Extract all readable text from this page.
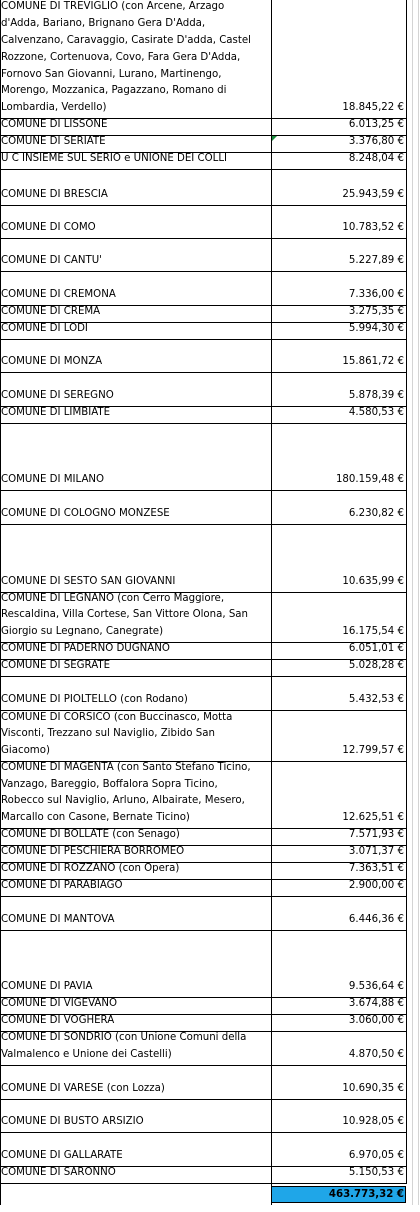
COMUNE DI TREVIGLIO (con Arcene, Arzago
d'Adda, Bariano, Brignano Gera D'Adda,
Calvenzano, Caravaggio, Casirate D'adda, Castel
Rozzone, Cortenuova, Covo, Fara Gera D'Adda,
Fornovo San Giovanni, Lurano, Martinengo,
Morengo, Mozzanica, Pagazzano, Romano di
Lombardia, Verdello)	18.845,22 €
COMUNE DI LISSONE	6.013,25 €
COMUNE DI SERIATE	3.376,80 €
U C INSIEME SUL SERIO e UNIONE DEI COLLI	8.248,04 €
COMUNE DI BRESCIA	25.943,59 €
COMUNE DI COMO	10.783,52 €
COMUNE DI CANTU'	5.227,89 €
COMUNE DI CREMONA	7.336,00 €
COMUNE DI CREMA	3.275,35 €
COMUNE DI LODI	5.994,30 €
COMUNE DI MONZA	15.861,72 €
COMUNE DI SEREGNO	5.878,39 €
COMUNE DI LIMBIATE	4.580,53 €
COMUNE DI MILANO	180.159,48 €
COMUNE DI COLOGNO MONZESE	6.230,82 €
COMUNE DI SESTO SAN GIOVANNI	10.635,99 €
COMUNE DI LEGNANO (con Cerro Maggiore,
Rescaldina, Villa Cortese, San Vittore Olona, San
Giorgio su Legnano, Canegrate)	16.175,54 €
COMUNE DI PADERNO DUGNANO	6.051,01 €
COMUNE DI SEGRATE	5.028,28 €
COMUNE DI PIOLTELLO (con Rodano)	5.432,53 €
COMUNE DI CORSICO (con Buccinasco, Motta
Visconti, Trezzano sul Naviglio, Zibido San
Giacomo)	12.799,57 €
COMUNE DI MAGENTA (con Santo Stefano Ticino,
Vanzago, Bareggio, Boffalora Sopra Ticino,
Robecco sul Naviglio, Arluno, Albairate, Mesero,
Marcallo con Casone, Bernate Ticino)	12.625,51 €
COMUNE DI BOLLATE (con Senago)	7.571,93 €
COMUNE DI PESCHIERA BORROMEO	3.071,37 €
COMUNE DI ROZZANO (con Opera)	7.363,51 €
COMUNE DI PARABIAGO	2.900,00 €
COMUNE DI MANTOVA	6.446,36 €
COMUNE DI PAVIA	9.536,64 €
COMUNE DI VIGEVANO	3.674,88 €
COMUNE DI VOGHERA	3.060,00 €
COMUNE DI SONDRIO (con Unione Comuni della
Valmalenco e Unione dei Castelli)	4.870,50 €
COMUNE DI VARESE (con Lozza)	10.690,35 €
COMUNE DI BUSTO ARSIZIO	10.928,05 €
COMUNE DI GALLARATE	6.970,05 €
COMUNE DI SARONNO	5.150,53 €
463.773,32 €
